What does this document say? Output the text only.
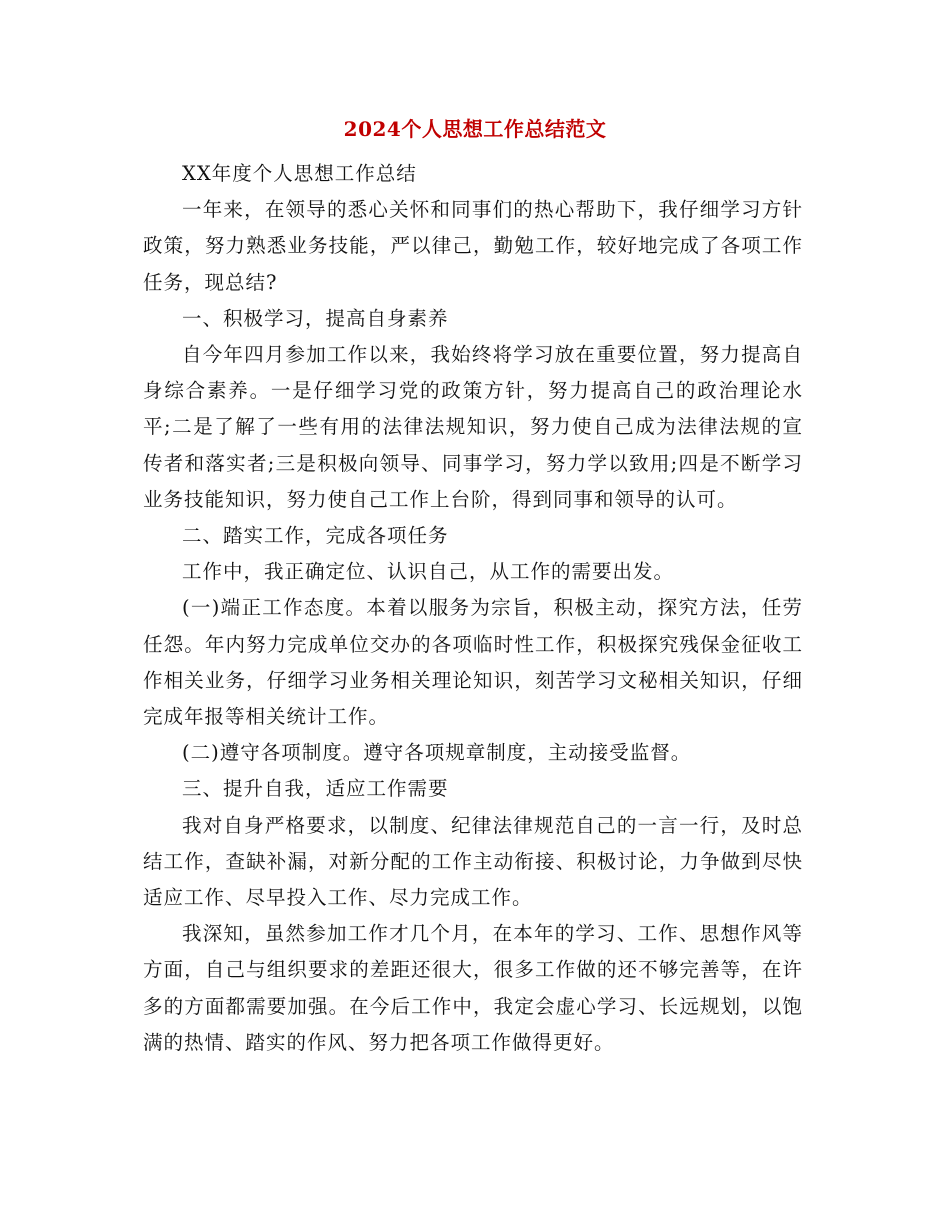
2024个人思想工作总结范文

XX年度个人思想工作总结

一年来，在领导的悉心关怀和同事们的热心帮助下，我仔细学习方针政策，努力熟悉业务技能，严以律己，勤勉工作，较好地完成了各项工作任务，现总结?

一、积极学习，提高自身素养

自今年四月参加工作以来，我始终将学习放在重要位置，努力提高自身综合素养。一是仔细学习党的政策方针，努力提高自己的政治理论水平;二是了解了一些有用的法律法规知识，努力使自己成为法律法规的宣传者和落实者;三是积极向领导、同事学习，努力学以致用;四是不断学习业务技能知识，努力使自己工作上台阶，得到同事和领导的认可。

二、踏实工作，完成各项任务

工作中，我正确定位、认识自己，从工作的需要出发。

(一)端正工作态度。本着以服务为宗旨，积极主动，探究方法，任劳任怨。年内努力完成单位交办的各项临时性工作，积极探究残保金征收工作相关业务，仔细学习业务相关理论知识，刻苦学习文秘相关知识，仔细完成年报等相关统计工作。

(二)遵守各项制度。遵守各项规章制度，主动接受监督。

三、提升自我，适应工作需要

我对自身严格要求，以制度、纪律法律规范自己的一言一行，及时总结工作，查缺补漏，对新分配的工作主动衔接、积极讨论，力争做到尽快适应工作、尽早投入工作、尽力完成工作。

我深知，虽然参加工作才几个月，在本年的学习、工作、思想作风等方面，自己与组织要求的差距还很大，很多工作做的还不够完善等，在许多的方面都需要加强。在今后工作中，我定会虚心学习、长远规划，以饱满的热情、踏实的作风、努力把各项工作做得更好。
